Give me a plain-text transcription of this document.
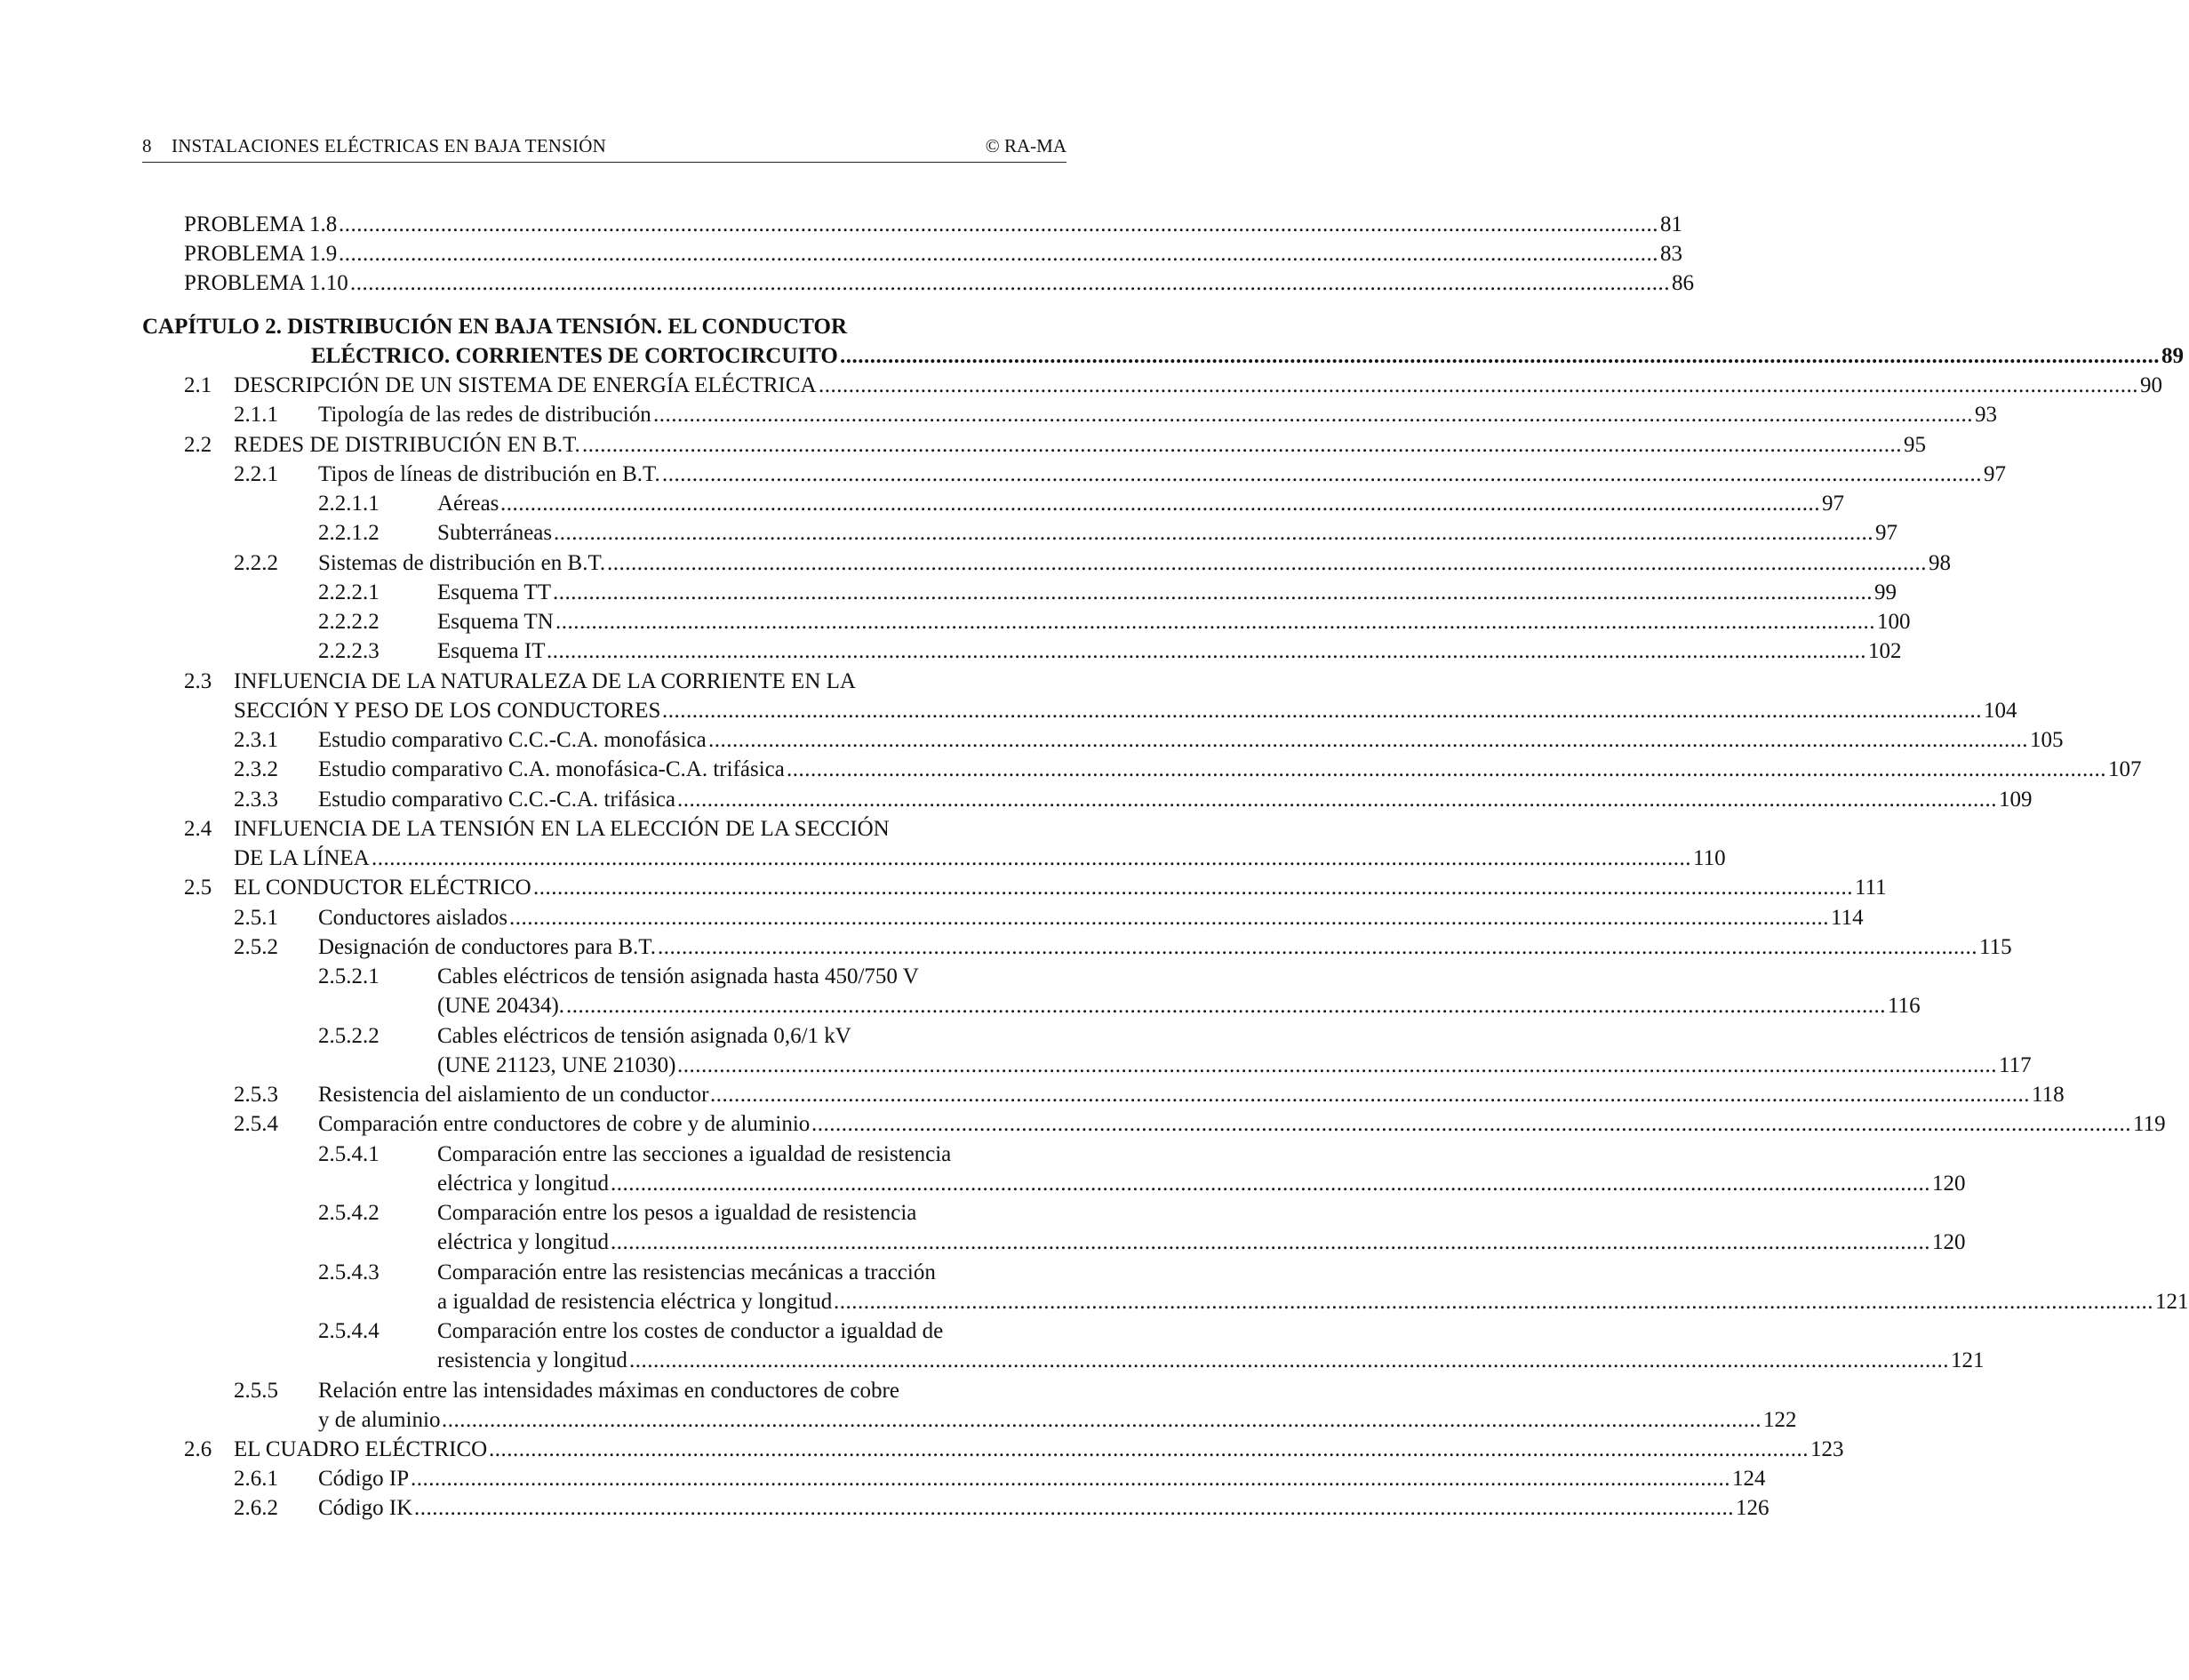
8 INSTALACIONES ELÉCTRICAS EN BAJA TENSIÓN	© RA-MA
PROBLEMA 1.8 ............................................................................................................................................................................................................................ 81
PROBLEMA 1.9 ............................................................................................................................................................................................................................ 83
PROBLEMA 1.10 ............................................................................................................................................................................................................................ 86
CAPÍTULO 2. DISTRIBUCIÓN EN BAJA TENSIÓN. EL CONDUCTOR
ELÉCTRICO. CORRIENTES DE CORTOCIRCUITO ............................................................................................................................................................................................................................ 89
2.1 DESCRIPCIÓN DE UN SISTEMA DE ENERGÍA ELÉCTRICA ............................................................................................................................................................................................................................ 90
2.1.1 Tipología de las redes de distribución ............................................................................................................................................................................................................................ 93
2.2 REDES DE DISTRIBUCIÓN EN B.T. ............................................................................................................................................................................................................................ 95
2.2.1 Tipos de líneas de distribución en B.T. ............................................................................................................................................................................................................................ 97
2.2.1.1	Aéreas ............................................................................................................................................................................................................................ 97
2.2.1.2	Subterráneas ............................................................................................................................................................................................................................ 97
2.2.2 Sistemas de distribución en B.T. ............................................................................................................................................................................................................................ 98
2.2.2.1	Esquema TT ............................................................................................................................................................................................................................ 99
2.2.2.2	Esquema TN ............................................................................................................................................................................................................................ 100
2.2.2.3	Esquema IT ............................................................................................................................................................................................................................ 102
2.3 INFLUENCIA DE LA NATURALEZA DE LA CORRIENTE EN LA
SECCIÓN Y PESO DE LOS CONDUCTORES ............................................................................................................................................................................................................................ 104
2.3.1 Estudio comparativo C.C.-C.A. monofásica ............................................................................................................................................................................................................................ 105
2.3.2 Estudio comparativo C.A. monofásica-C.A. trifásica ............................................................................................................................................................................................................................ 107
2.3.3 Estudio comparativo C.C.-C.A. trifásica ............................................................................................................................................................................................................................ 109
2.4 INFLUENCIA DE LA TENSIÓN EN LA ELECCIÓN DE LA SECCIÓN
DE LA LÍNEA ............................................................................................................................................................................................................................ 110
2.5 EL CONDUCTOR ELÉCTRICO ............................................................................................................................................................................................................................ 111
2.5.1 Conductores aislados ............................................................................................................................................................................................................................ 114
2.5.2 Designación de conductores para B.T. ............................................................................................................................................................................................................................ 115
2.5.2.1	Cables eléctricos de tensión asignada hasta 450/750 V
(UNE 20434). ............................................................................................................................................................................................................................ 116
2.5.2.2	Cables eléctricos de tensión asignada 0,6/1 kV
(UNE 21123, UNE 21030) ............................................................................................................................................................................................................................ 117
2.5.3 Resistencia del aislamiento de un conductor ............................................................................................................................................................................................................................ 118
2.5.4 Comparación entre conductores de cobre y de aluminio ............................................................................................................................................................................................................................ 119
2.5.4.1	Comparación entre las secciones a igualdad de resistencia
eléctrica y longitud ............................................................................................................................................................................................................................ 120
2.5.4.2	Comparación entre los pesos a igualdad de resistencia
eléctrica y longitud ............................................................................................................................................................................................................................ 120
2.5.4.3	Comparación entre las resistencias mecánicas a tracción
a igualdad de resistencia eléctrica y longitud ............................................................................................................................................................................................................................ 121
2.5.4.4	Comparación entre los costes de conductor a igualdad de
resistencia y longitud ............................................................................................................................................................................................................................ 121
2.5.5 Relación entre las intensidades máximas en conductores de cobre
y de aluminio ............................................................................................................................................................................................................................ 122
2.6 EL CUADRO ELÉCTRICO ............................................................................................................................................................................................................................ 123
2.6.1 Código IP ............................................................................................................................................................................................................................ 124
2.6.2 Código IK ............................................................................................................................................................................................................................ 126
